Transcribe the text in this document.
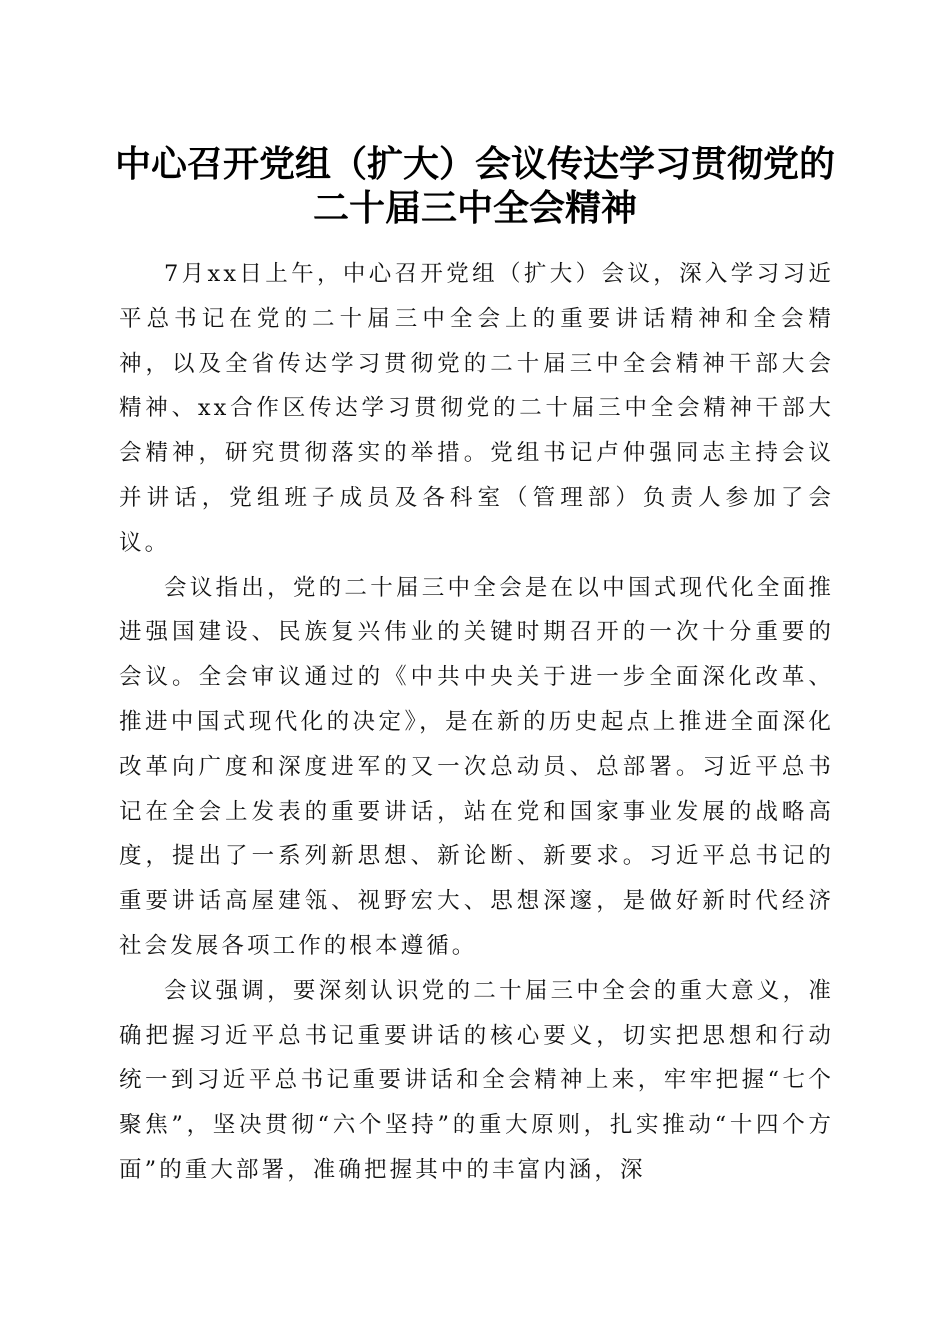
中心召开党组（扩大）会议传达学习贯彻党的
二十届三中全会精神

7月xx日上午，中心召开党组（扩大）会议，深入学习习近平总书记在党的二十届三中全会上的重要讲话精神和全会精神，以及全省传达学习贯彻党的二十届三中全会精神干部大会精神、xx合作区传达学习贯彻党的二十届三中全会精神干部大会精神，研究贯彻落实的举措。党组书记卢仲强同志主持会议并讲话，党组班子成员及各科室（管理部）负责人参加了会议。

会议指出，党的二十届三中全会是在以中国式现代化全面推进强国建设、民族复兴伟业的关键时期召开的一次十分重要的会议。全会审议通过的《中共中央关于进一步全面深化改革、推进中国式现代化的决定》，是在新的历史起点上推进全面深化改革向广度和深度进军的又一次总动员、总部署。习近平总书记在全会上发表的重要讲话，站在党和国家事业发展的战略高度，提出了一系列新思想、新论断、新要求。习近平总书记的重要讲话高屋建瓴、视野宏大、思想深邃，是做好新时代经济社会发展各项工作的根本遵循。

会议强调，要深刻认识党的二十届三中全会的重大意义，准确把握习近平总书记重要讲话的核心要义，切实把思想和行动统一到习近平总书记重要讲话和全会精神上来，牢牢把握“七个聚焦”，坚决贯彻“六个坚持”的重大原则，扎实推动“十四个方面”的重大部署，准确把握其中的丰富内涵，深
